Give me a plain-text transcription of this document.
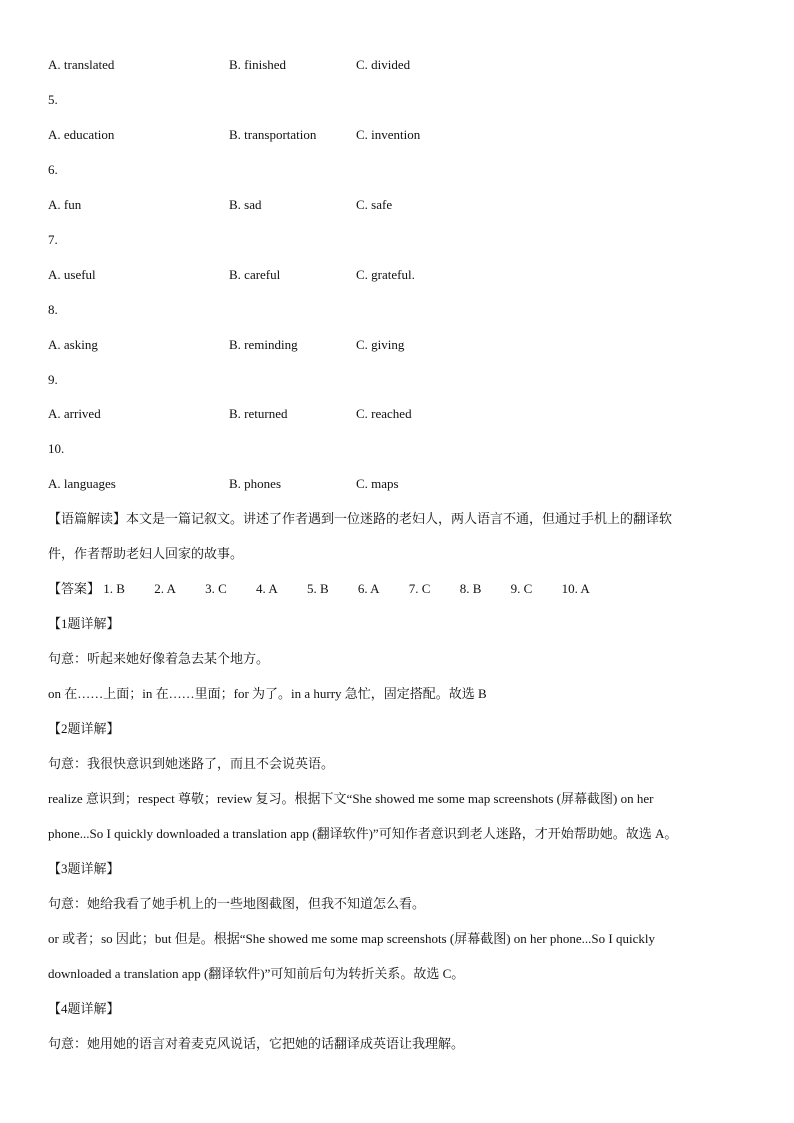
A. translated	B. finished	C. divided
5.
A. education	B. transportation	C. invention
6.
A. fun	B. sad	C. safe
7.
A. useful	B. careful	C. grateful.
8.
A. asking	B. reminding	C. giving
9.
A. arrived	B. returned	C. reached
10.
A. languages	B. phones	C. maps
【语篇解读】本文是一篇记叙文。讲述了作者遇到一位迷路的老妇人，两人语言不通，但通过手机上的翻译软
件，作者帮助老妇人回家的故事。
【答案】 1. B 2. A 3. C 4. A 5. B 6. A 7. C 8. B 9. C 10. A
【1题详解】
句意：听起来她好像着急去某个地方。
on 在……上面；in 在……里面；for 为了。in a hurry 急忙，固定搭配。故选 B
【2题详解】
句意：我很快意识到她迷路了，而且不会说英语。
realize 意识到；respect 尊敬；review 复习。根据下文“She showed me some map screenshots (屏幕截图) on her
phone...So I quickly downloaded a translation app (翻译软件)”可知作者意识到老人迷路，才开始帮助她。故选 A。
【3题详解】
句意：她给我看了她手机上的一些地图截图，但我不知道怎么看。
or 或者；so 因此；but 但是。根据“She showed me some map screenshots (屏幕截图) on her phone...So I quickly
downloaded a translation app (翻译软件)”可知前后句为转折关系。故选 C。
【4题详解】
句意：她用她的语言对着麦克风说话，它把她的话翻译成英语让我理解。
